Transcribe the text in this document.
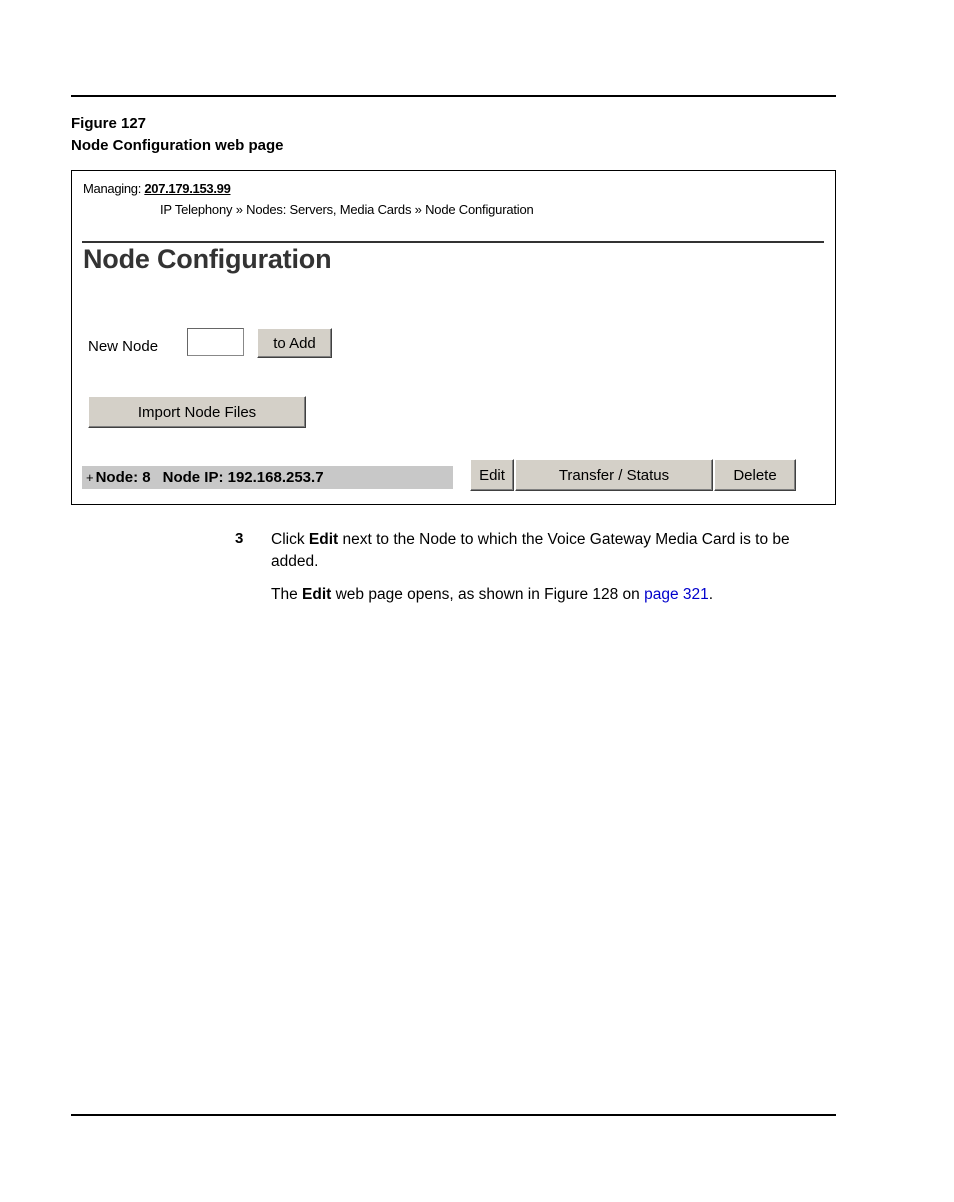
Figure 127
Node Configuration web page
Managing: 207.179.153.99
IP Telephony » Nodes: Servers, Media Cards » Node Configuration
Node Configuration
New Node	to Add
Import Node Files
+ Node: 8 Node IP: 192.168.253.7	Edit	Transfer / Status	Delete
3 Click Edit next to the Node to which the Voice Gateway Media Card is to be added.
The Edit web page opens, as shown in Figure 128 on page 321.
